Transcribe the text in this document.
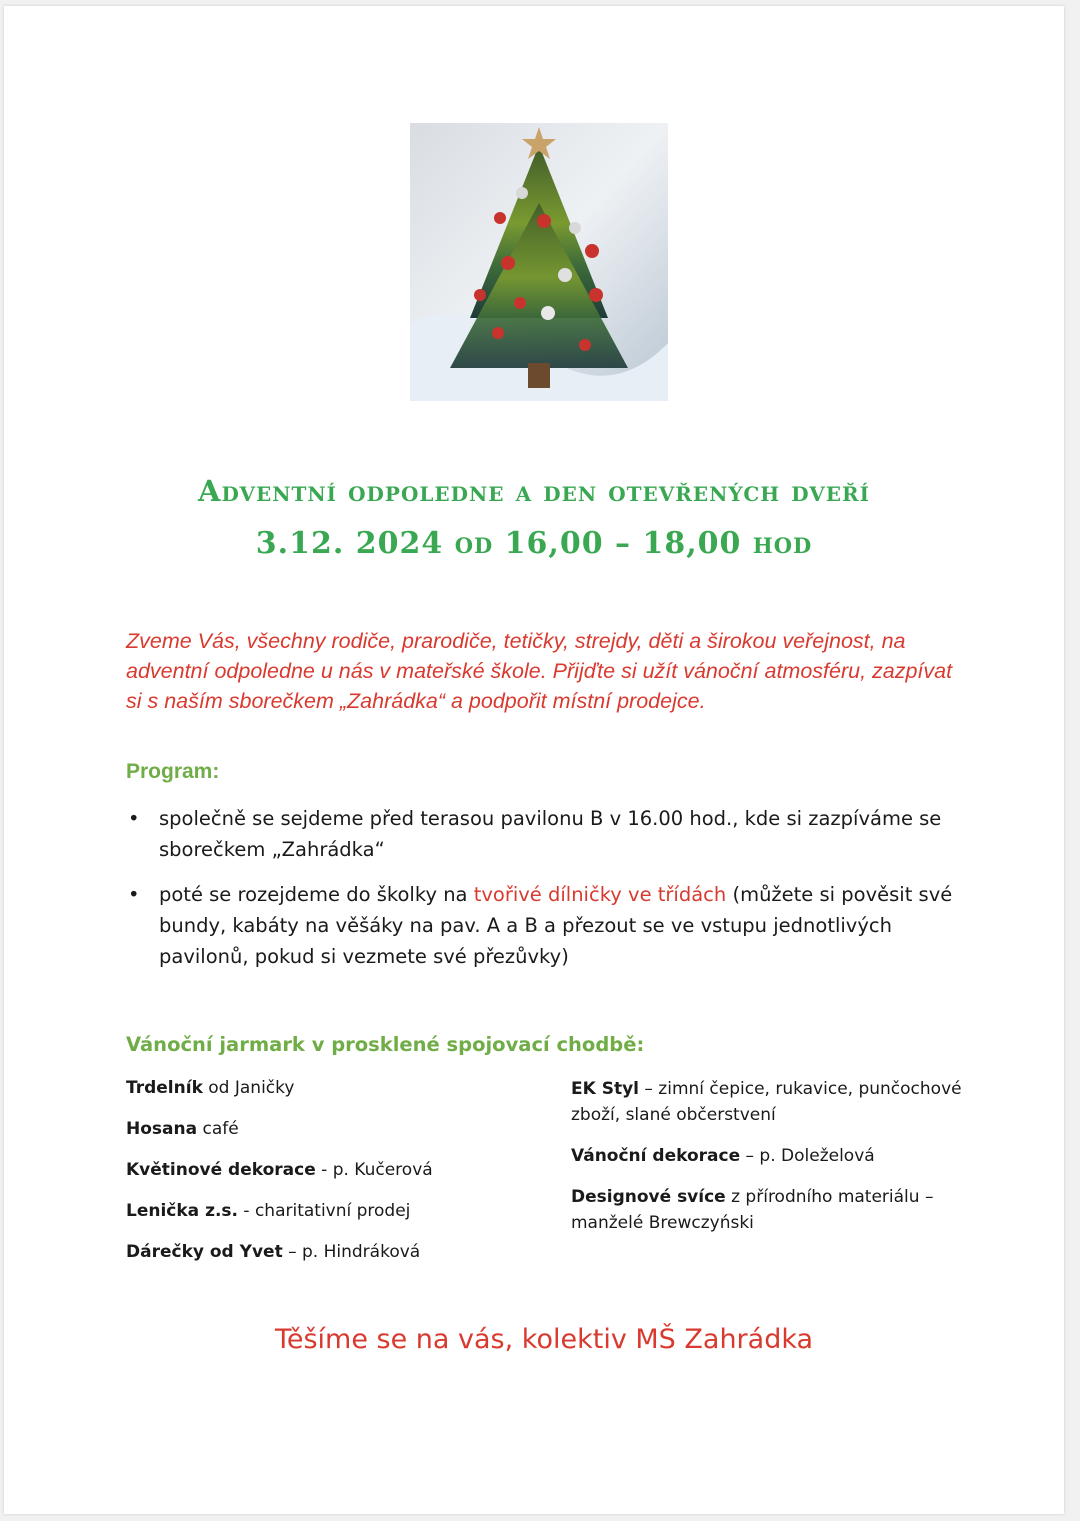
Adventní odpoledne a den otevřených dveří
3.12. 2024 od 16,00 – 18,00 hod
Zveme Vás, všechny rodiče, prarodiče, tetičky, strejdy, děti a širokou veřejnost, na adventní odpoledne u nás v mateřské škole. Přijďte si užít vánoční atmosféru, zazpívat si s naším sborečkem „Zahrádka“ a podpořit místní prodejce.
Program:
• společně se sejdeme před terasou pavilonu B v 16.00 hod., kde si zazpíváme se sborečkem „Zahrádka“
• poté se rozejdeme do školky na tvořivé dílničky ve třídách (můžete si pověsit své bundy, kabáty na věšáky na pav. A a B a přezout se ve vstupu jednotlivých pavilonů, pokud si vezmete své přezůvky)
Vánoční jarmark v prosklené spojovací chodbě:
Trdelník od Janičky
Hosana café
Květinové dekorace - p. Kučerová
Lenička z.s. - charitativní prodej
Dárečky od Yvet – p. Hindráková
EK Styl – zimní čepice, rukavice, punčochové zboží, slané občerstvení
Vánoční dekorace – p. Doleželová
Designové svíce z přírodního materiálu – manželé Brewczyński
Těšíme se na vás, kolektiv MŠ Zahrádka
